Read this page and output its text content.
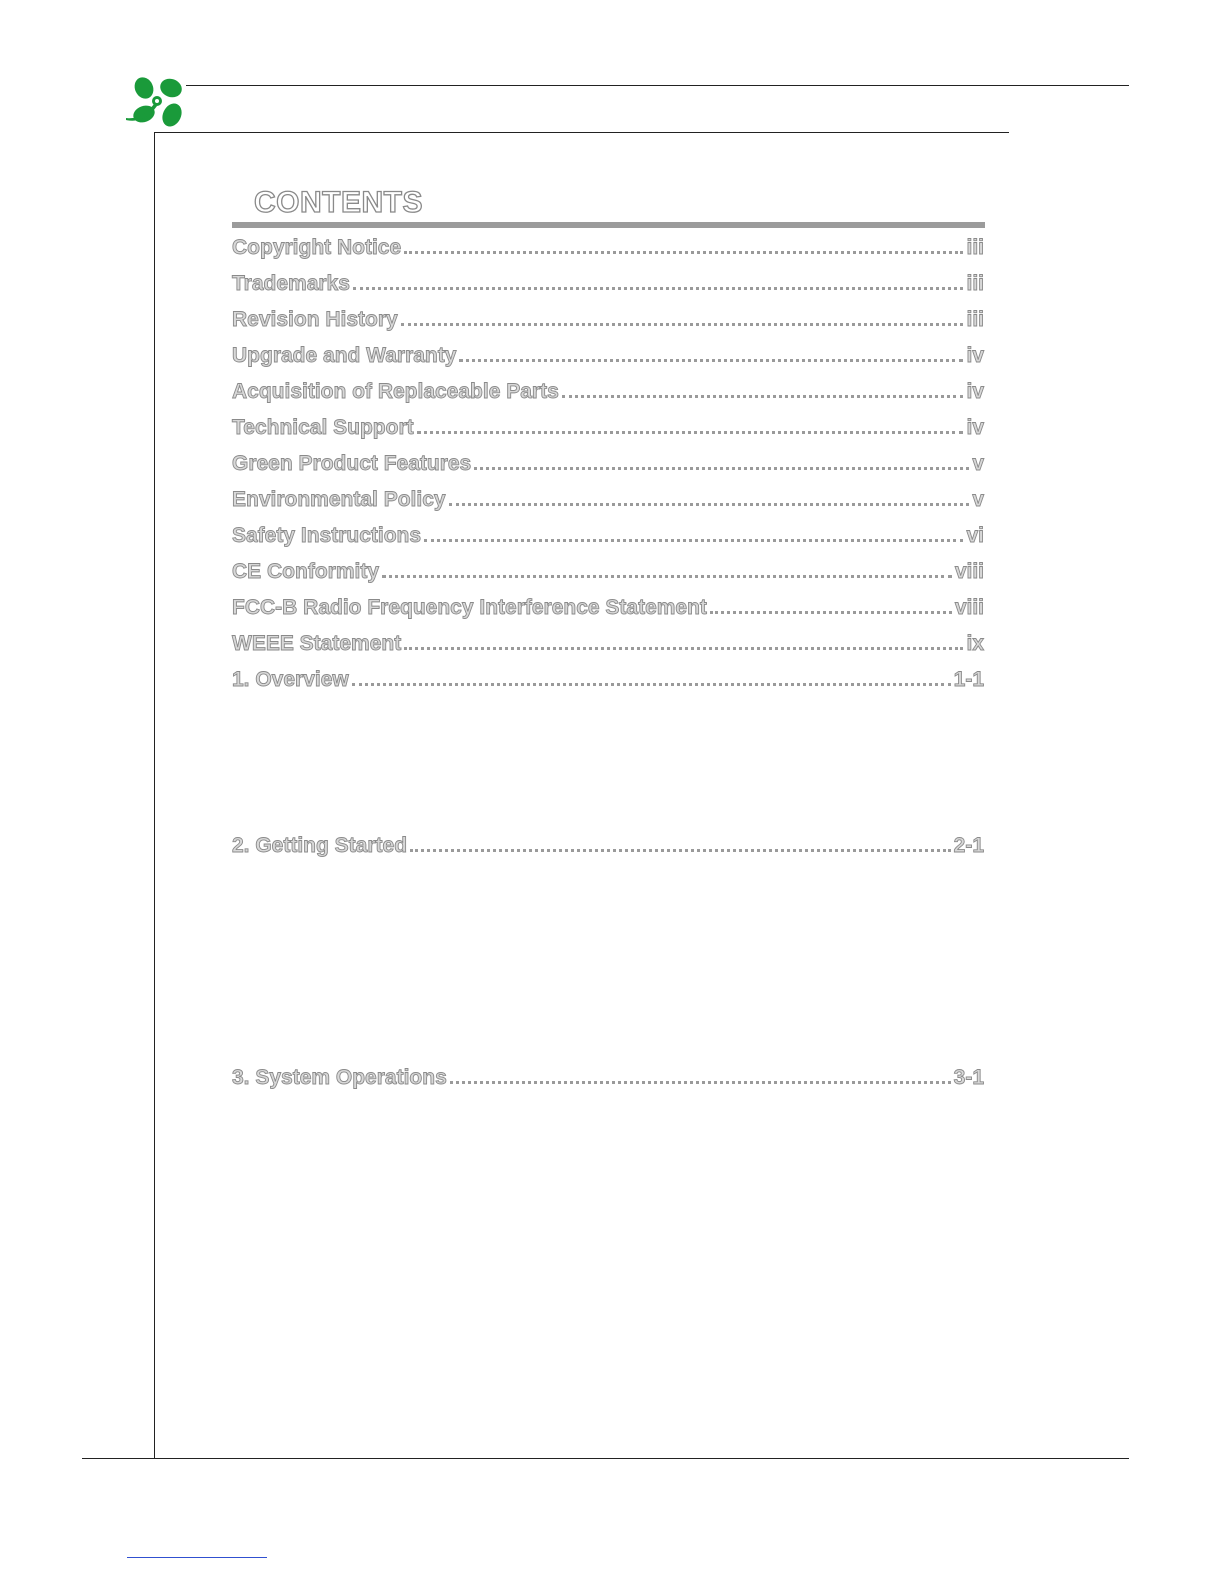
CONTENTS
Copyright Notice	iii
Trademarks	iii
Revision History	iii
Upgrade and Warranty	iv
Acquisition of Replaceable Parts	iv
Technical Support	iv
Green Product Features	v
Environmental Policy	v
Safety Instructions	vi
CE Conformity	viii
FCC-B Radio Frequency Interference Statement	viii
WEEE Statement	ix
1. Overview	1-1
2. Getting Started	2-1
3. System Operations	3-1
